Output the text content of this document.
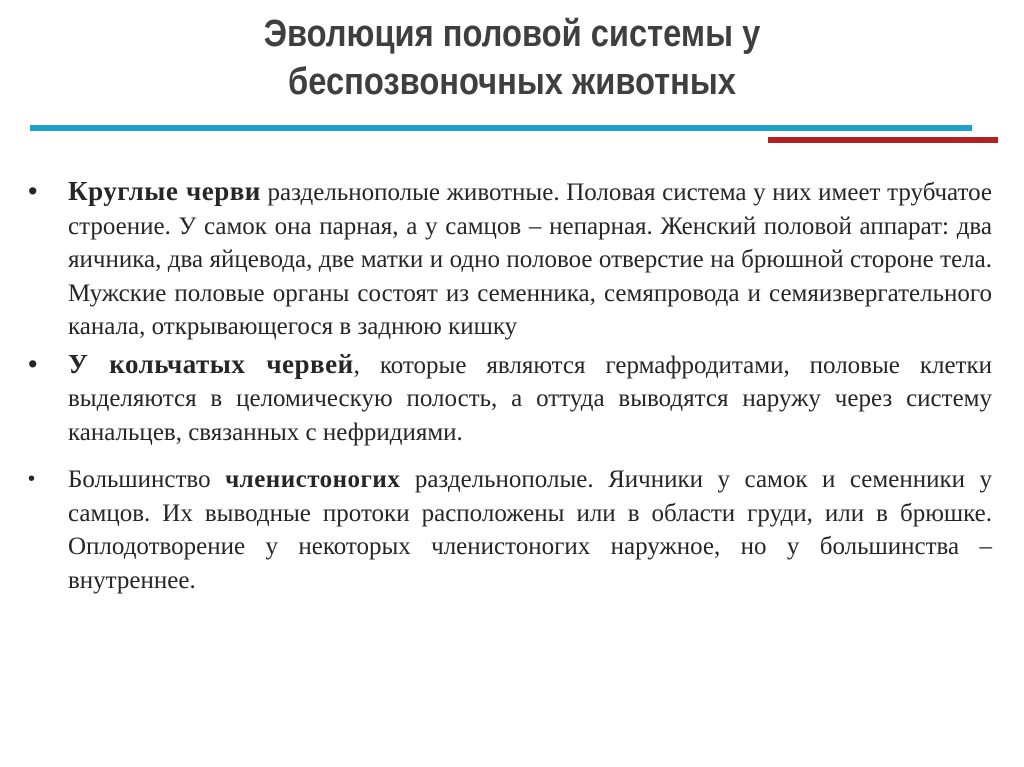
Эволюция половой системы у
беспозвоночных животных
•	Круглые черви раздельнополые животные. Половая система у них имеет трубчатое строение. У самок она парная, а у самцов – непарная. Женский половой аппарат: два яичника, два яйцевода, две матки и одно половое отверстие на брюшной стороне тела. Мужские половые органы состоят из семенника, семяпровода и семяизвергательного канала, открывающегося в заднюю кишку
•	У кольчатых червей, которые являются гермафродитами, половые клетки выделяются в целомическую полость, а оттуда выводятся наружу через систему канальцев, связанных с нефридиями.
•	Большинство членистоногих раздельнополые. Яичники у самок и семенники у самцов. Их выводные протоки расположены или в области груди, или в брюшке. Оплодотворение у некоторых членистоногих наружное, но у большинства – внутреннее.
